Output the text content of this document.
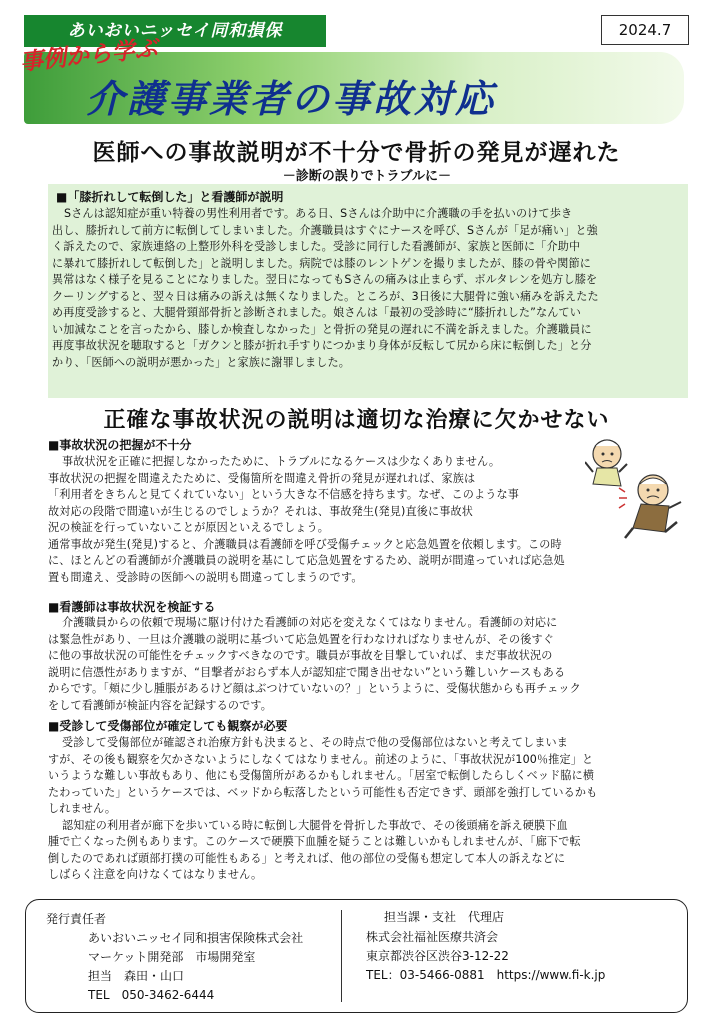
あいおいニッセイ同和損保	2024.7
事例から学ぶ
介護事業者の事故対応
医師への事故説明が不十分で骨折の発見が遅れた
－診断の誤りでトラブルに－
■「膝折れして転倒した」と看護師が説明

Sさんは認知症が重い特養の男性利用者です。ある日、Sさんは介助中に介護職の手を払いのけて歩き

出し、膝折れして前方に転倒してしまいました。介護職員はすぐにナースを呼び、Sさんが「足が痛い」と強

く訴えたので、家族連絡の上整形外科を受診しました。受診に同行した看護師が、家族と医師に「介助中

に暴れて膝折れして転倒した」と説明しました。病院では膝のレントゲンを撮りましたが、膝の骨や関節に

異常はなく様子を見ることになりました。翌日になってもSさんの痛みは止まらず、ボルタレンを処方し膝を

クーリングすると、翌々日は痛みの訴えは無くなりました。ところが、3日後に大腿骨に強い痛みを訴えたた

め再度受診すると、大腿骨頸部骨折と診断されました。娘さんは「最初の受診時に“膝折れした”なんてい

い加減なことを言ったから、膝しか検査しなかった」と骨折の発見の遅れに不満を訴えました。介護職員に

再度事故状況を聴取すると「ガクンと膝が折れ手すりにつかまり身体が反転して尻から床に転倒した」と分

かり、「医師への説明が悪かった」と家族に謝罪しました。

正確な事故状況の説明は適切な治療に欠かせない
■事故状況の把握が不十分

事故状況を正確に把握しなかったために、トラブルになるケースは少なくありません。

事故状況の把握を間違えたために、受傷箇所を間違え骨折の発見が遅れれば、家族は

「利用者をきちんと見てくれていない」という大きな不信感を持ちます。なぜ、このような事

故対応の段階で間違いが生じるのでしょうか？それは、事故発生(発見)直後に事故状

況の検証を行っていないことが原因といえるでしょう。

通常事故が発生(発見)すると、介護職員は看護師を呼び受傷チェックと応急処置を依頼します。この時

に、ほとんどの看護師が介護職員の説明を基にして応急処置をするため、説明が間違っていれば応急処

置も間違え、受診時の医師への説明も間違ってしまうのです。

■看護師は事故状況を検証する

介護職員からの依頼で現場に駆け付けた看護師の対応を変えなくてはなりません。看護師の対応に

は緊急性があり、一旦は介護職の説明に基づいて応急処置を行わなければなりませんが、その後すぐ

に他の事故状況の可能性をチェックすべきなのです。職員が事故を目撃していれば、まだ事故状況の

説明に信憑性がありますが、“目撃者がおらず本人が認知症で聞き出せない”という難しいケースもある

からです。「頬に少し腫脹があるけど顔はぶつけていないの？」というように、受傷状態からも再チェック

をして看護師が検証内容を記録するのです。

■受診して受傷部位が確定しても観察が必要

受診して受傷部位が確認され治療方針も決まると、その時点で他の受傷部位はないと考えてしまいま

すが、その後も観察を欠かさないようにしなくてはなりません。前述のように、「事故状況が100％推定」と

いうような難しい事故もあり、他にも受傷箇所があるかもしれません。「居室で転倒したらしくベッド脇に横

たわっていた」というケースでは、ベッドから転落したという可能性も否定できず、頭部を強打しているかも

しれません。

認知症の利用者が廊下を歩いている時に転倒し大腿骨を骨折した事故で、その後頭痛を訴え硬膜下血

腫で亡くなった例もあります。このケースで硬膜下血腫を疑うことは難しいかもしれませんが、「廊下で転

倒したのであれば頭部打撲の可能性もある」と考えれば、他の部位の受傷も想定して本人の訴えなどに

しばらく注意を向けなくてはなりません。

発行責任者
あいおいニッセイ同和損害保険株式会社
マーケット開発部　市場開発室
担当　森田・山口
TEL　050-3462-6444
担当課・支社　代理店
株式会社福祉医療共済会
東京都渋谷区渋谷3-12-22
TEL：03-5466-0881　https://www.fi-k.jp
